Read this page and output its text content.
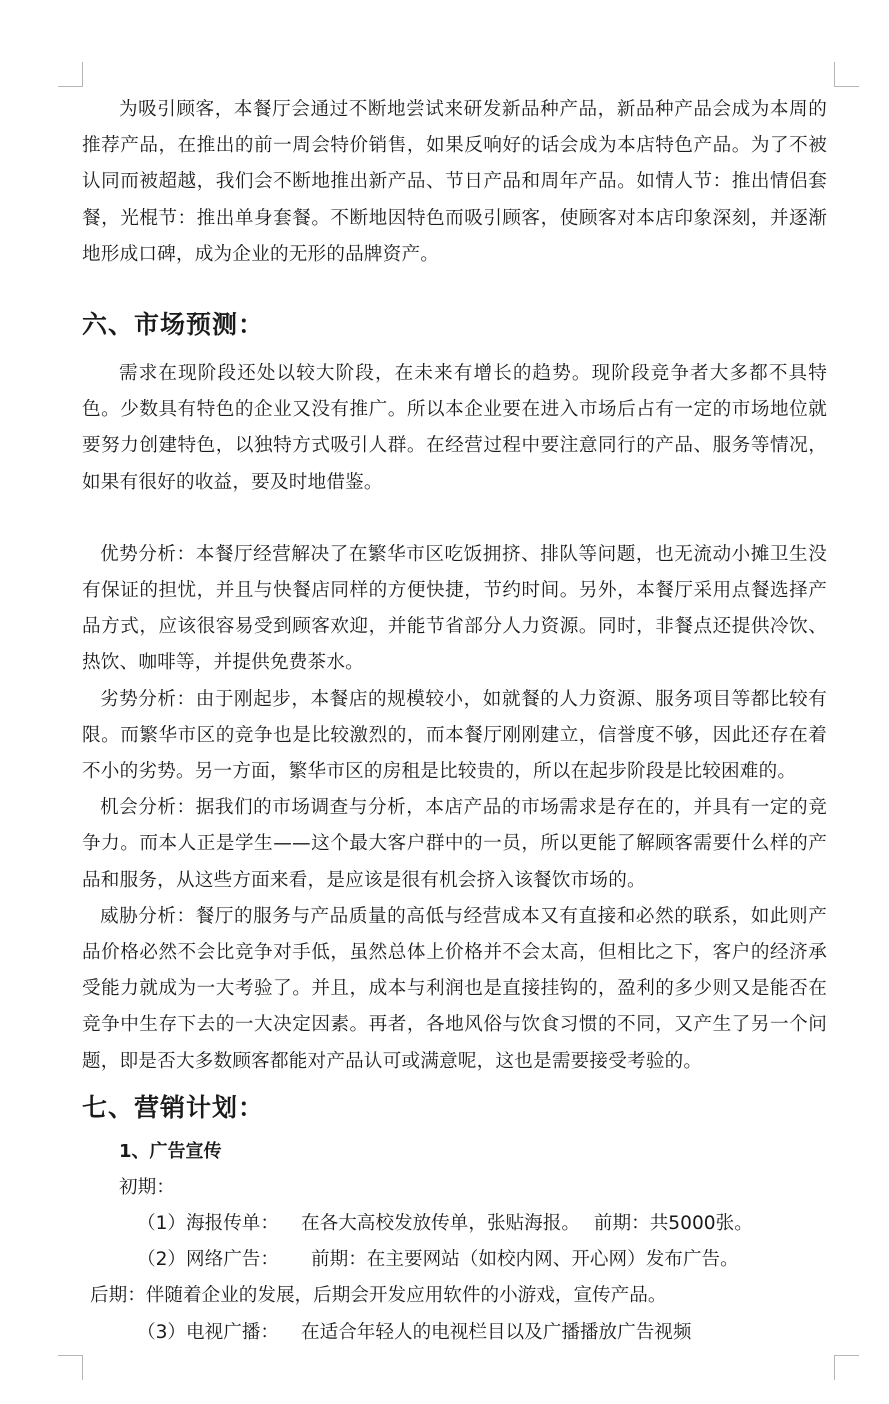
为吸引顾客，本餐厅会通过不断地尝试来研发新品种产品，新品种产品会成为本周的推荐产品，在推出的前一周会特价销售，如果反响好的话会成为本店特色产品。为了不被认同而被超越，我们会不断地推出新产品、节日产品和周年产品。如情人节：推出情侣套餐，光棍节：推出单身套餐。不断地因特色而吸引顾客，使顾客对本店印象深刻，并逐渐地形成口碑，成为企业的无形的品牌资产。

六、市场预测：

需求在现阶段还处以较大阶段，在未来有增长的趋势。现阶段竞争者大多都不具特色。少数具有特色的企业又没有推广。所以本企业要在进入市场后占有一定的市场地位就要努力创建特色，以独特方式吸引人群。在经营过程中要注意同行的产品、服务等情况，如果有很好的收益，要及时地借鉴。

优势分析：本餐厅经营解决了在繁华市区吃饭拥挤、排队等问题，也无流动小摊卫生没有保证的担忧，并且与快餐店同样的方便快捷，节约时间。另外，本餐厅采用点餐选择产品方式，应该很容易受到顾客欢迎，并能节省部分人力资源。同时，非餐点还提供冷饮、热饮、咖啡等，并提供免费茶水。

劣势分析：由于刚起步，本餐店的规模较小，如就餐的人力资源、服务项目等都比较有限。而繁华市区的竞争也是比较激烈的，而本餐厅刚刚建立，信誉度不够，因此还存在着不小的劣势。另一方面，繁华市区的房租是比较贵的，所以在起步阶段是比较困难的。

机会分析：据我们的市场调查与分析，本店产品的市场需求是存在的，并具有一定的竞争力。而本人正是学生——这个最大客户群中的一员，所以更能了解顾客需要什么样的产品和服务，从这些方面来看，是应该是很有机会挤入该餐饮市场的。

威胁分析：餐厅的服务与产品质量的高低与经营成本又有直接和必然的联系，如此则产品价格必然不会比竞争对手低，虽然总体上价格并不会太高，但相比之下，客户的经济承受能力就成为一大考验了。并且，成本与利润也是直接挂钩的，盈利的多少则又是能否在竞争中生存下去的一大决定因素。再者，各地风俗与饮食习惯的不同，又产生了另一个问题，即是否大多数顾客都能对产品认可或满意呢，这也是需要接受考验的。

七、营销计划：
1、广告宣传
初期：
（1）海报传单： 在各大高校发放传单，张贴海报。 前期：共5000张。
（2）网络广告： 前期：在主要网站（如校内网、开心网）发布广告。
后期：伴随着企业的发展，后期会开发应用软件的小游戏，宣传产品。
（3）电视广播： 在适合年轻人的电视栏目以及广播播放广告视频
